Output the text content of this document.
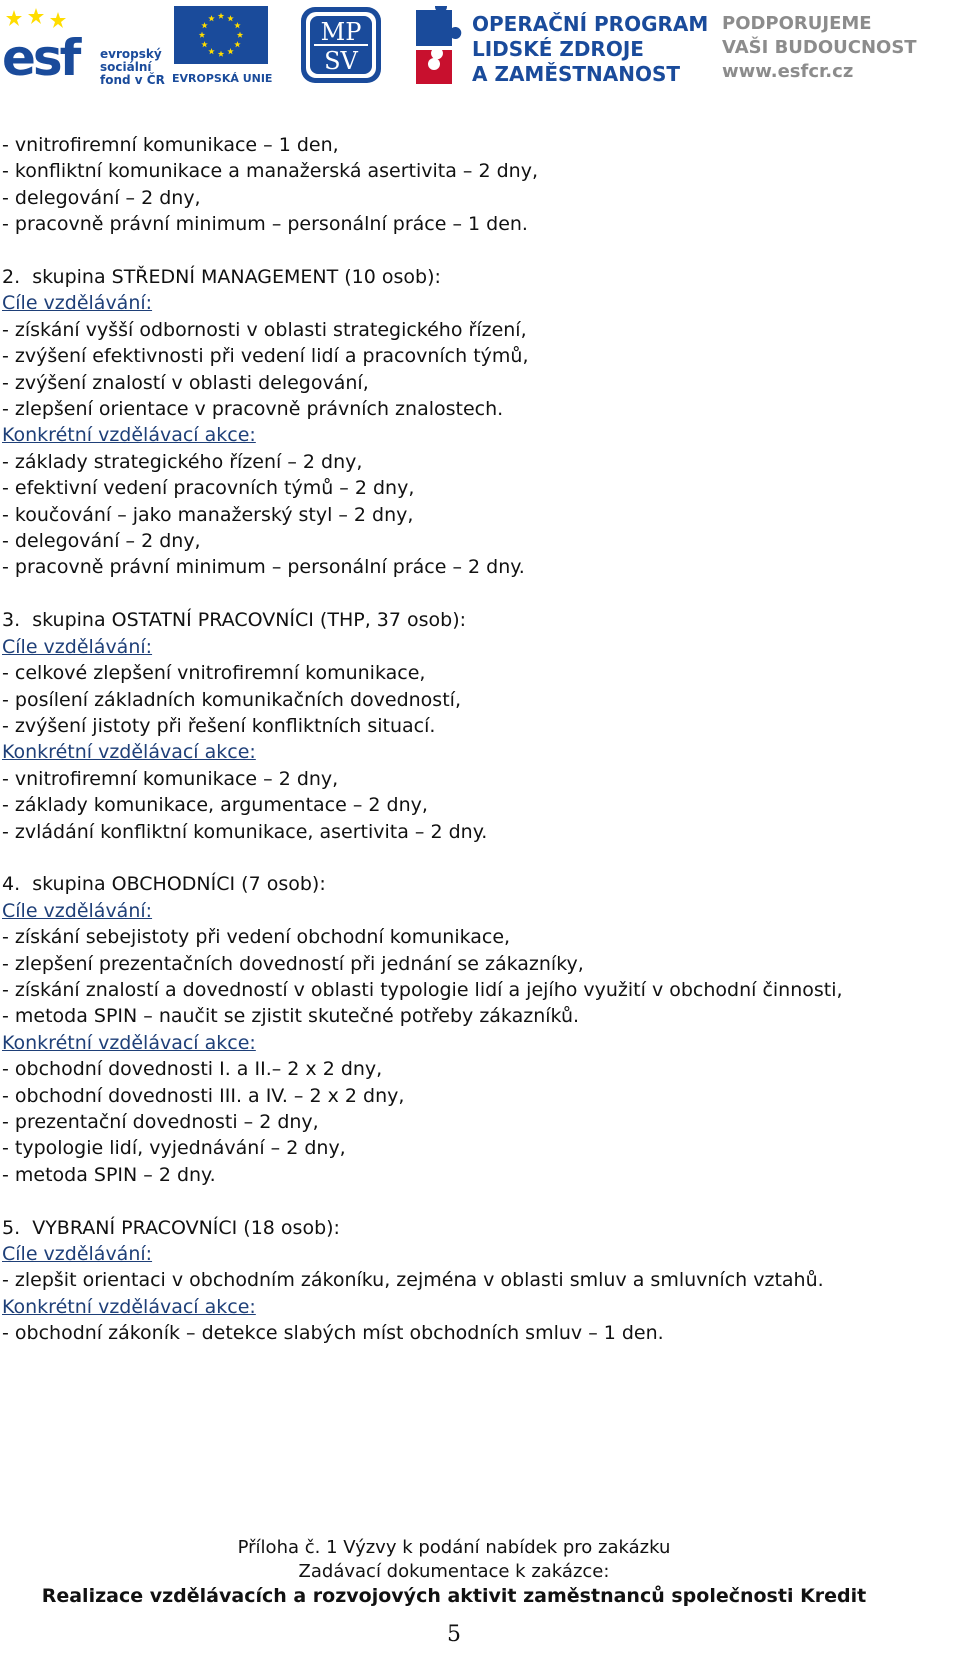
esf evropský
sociální
fond v ČR EVROPSKÁ UNIE
MP
SV
OPERAČNÍ PROGRAM
LIDSKÉ ZDROJE
A ZAMĚSTNANOST
PODPORUJEME
VAŠI BUDOUCNOST
www.esfcr.cz
- vnitrofiremní komunikace – 1 den,
- konfliktní komunikace a manažerská asertivita – 2 dny,
- delegování – 2 dny,
- pracovně právní minimum – personální práce – 1 den.
2.  skupina STŘEDNÍ MANAGEMENT (10 osob):
Cíle vzdělávání:
- získání vyšší odbornosti v oblasti strategického řízení,
- zvýšení efektivnosti při vedení lidí a pracovních týmů,
- zvýšení znalostí v oblasti delegování,
- zlepšení orientace v pracovně právních znalostech.
Konkrétní vzdělávací akce:
- základy strategického řízení – 2 dny,
- efektivní vedení pracovních týmů – 2 dny,
- koučování – jako manažerský styl – 2 dny,
- delegování – 2 dny,
- pracovně právní minimum – personální práce – 2 dny.
3.  skupina OSTATNÍ PRACOVNÍCI (THP, 37 osob):
Cíle vzdělávání:
- celkové zlepšení vnitrofiremní komunikace,
- posílení základních komunikačních dovedností,
- zvýšení jistoty při řešení konfliktních situací.
Konkrétní vzdělávací akce:
- vnitrofiremní komunikace – 2 dny,
- základy komunikace, argumentace – 2 dny,
- zvládání konfliktní komunikace, asertivita – 2 dny.
4.  skupina OBCHODNÍCI (7 osob):
Cíle vzdělávání:
- získání sebejistoty při vedení obchodní komunikace,
- zlepšení prezentačních dovedností při jednání se zákazníky,
- získání znalostí a dovedností v oblasti typologie lidí a jejího využití v obchodní činnosti,
- metoda SPIN – naučit se zjistit skutečné potřeby zákazníků.
Konkrétní vzdělávací akce:
- obchodní dovednosti I. a II.– 2 x 2 dny,
- obchodní dovednosti III. a IV. – 2 x 2 dny,
- prezentační dovednosti – 2 dny,
- typologie lidí, vyjednávání – 2 dny,
- metoda SPIN – 2 dny.
5.  VYBRANÍ PRACOVNÍCI (18 osob):
Cíle vzdělávání:
- zlepšit orientaci v obchodním zákoníku, zejména v oblasti smluv a smluvních vztahů.
Konkrétní vzdělávací akce:
- obchodní zákoník – detekce slabých míst obchodních smluv – 1 den.
Příloha č. 1 Výzvy k podání nabídek pro zakázku
Zadávací dokumentace k zakázce:
Realizace vzdělávacích a rozvojových aktivit zaměstnanců společnosti Kredit
5
